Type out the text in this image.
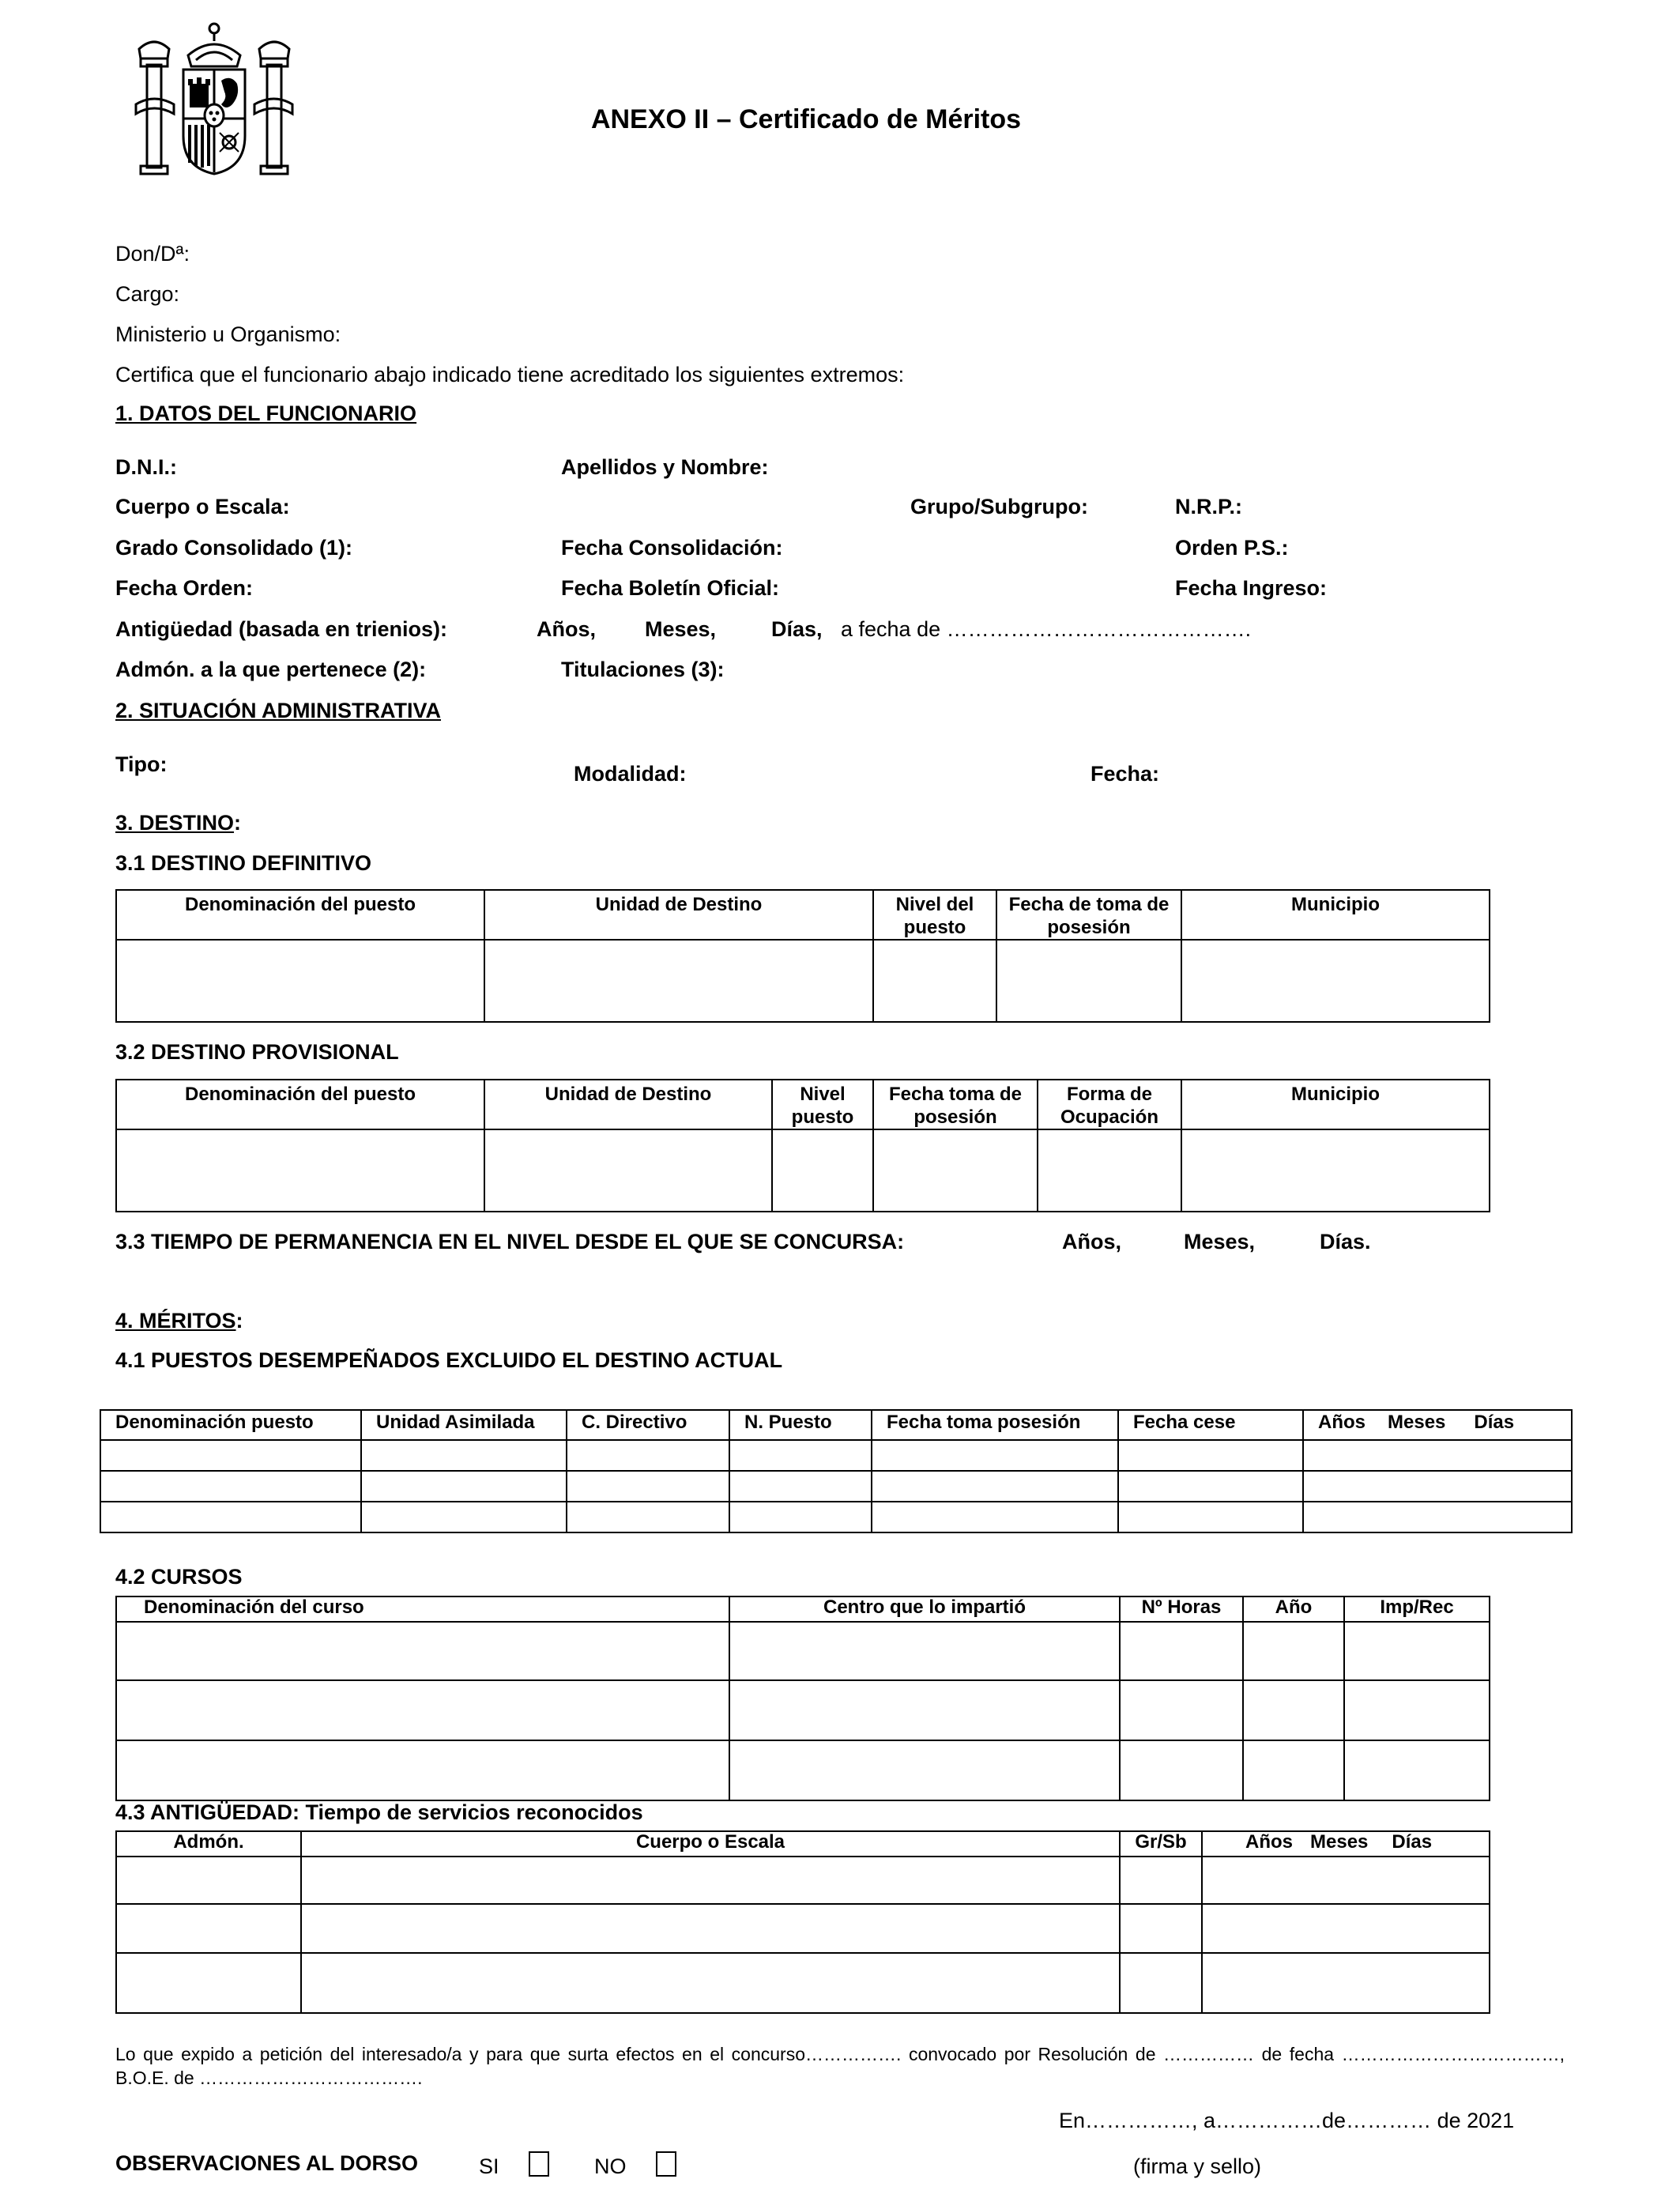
ANEXO II – Certificado de Méritos
Don/Dª:
Cargo:
Ministerio u Organismo:
Certifica que el funcionario abajo indicado tiene acreditado los siguientes extremos:
1. DATOS DEL FUNCIONARIO
D.N.I.:	Apellidos y Nombre:
Cuerpo o Escala:	Grupo/Subgrupo:	N.R.P.:
Grado Consolidado (1):	Fecha Consolidación:	Orden P.S.:
Fecha Orden:	Fecha Boletín Oficial:	Fecha Ingreso:
Antigüedad (basada en trienios):	Años, Meses,	Días, a fecha de …………………………………….
Admón. a la que pertenece (2):	Titulaciones (3):
2. SITUACIÓN ADMINISTRATIVA
Tipo:	Modalidad:	Fecha:
3. DESTINO:
3.1 DESTINO DEFINITIVO
Denominación del puesto	Unidad de Destino	Nivel del puesto	Fecha de toma de posesión	Municipio

3.2 DESTINO PROVISIONAL
Denominación del puesto	Unidad de Destino	Nivel puesto	Fecha toma de posesión	Forma de Ocupación	Municipio

3.3 TIEMPO DE PERMANENCIA EN EL NIVEL DESDE EL QUE SE CONCURSA:	Años,	Meses,	Días.
4. MÉRITOS:
4.1 PUESTOS DESEMPEÑADOS EXCLUIDO EL DESTINO ACTUAL
Denominación puesto	Unidad Asimilada	C. Directivo	N. Puesto	Fecha toma posesión	Fecha cese	Años Meses Días

4.2 CURSOS
Denominación del curso	Centro que lo impartió	Nº Horas	Año	Imp/Rec

4.3 ANTIGÜEDAD: Tiempo de servicios reconocidos
Admón.	Cuerpo o Escala	Gr/Sb	Años Meses Días

Lo que expido a petición del interesado/a y para que surta efectos en el concurso……………. convocado por Resolución de …………… de fecha ………………………………, B.O.E. de ……………………………….
En……………, a……………de………… de 2021
OBSERVACIONES AL DORSO	SI	NO	(firma y sello)
